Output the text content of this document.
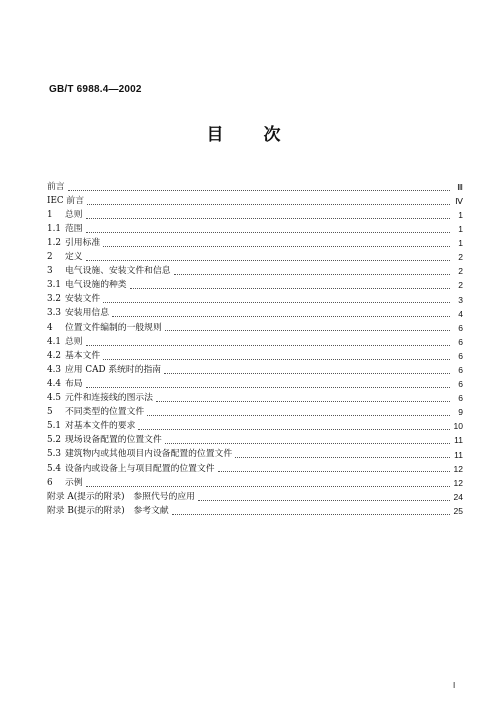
GB/T 6988.4—2002
目 次
前言	Ⅲ
IEC 前言	Ⅳ
1 总则	1
1.1 范围	1
1.2 引用标准	1
2 定义	2
3 电气设施、安装文件和信息	2
3.1 电气设施的种类	2
3.2 安装文件	3
3.3 安装用信息	4
4 位置文件编制的一般规则	6
4.1 总则	6
4.2 基本文件	6
4.3 应用 CAD 系统时的指南	6
4.4 布局	6
4.5 元件和连接线的图示法	6
5 不同类型的位置文件	9
5.1 对基本文件的要求	10
5.2 现场设备配置的位置文件	11
5.3 建筑物内或其他项目内设备配置的位置文件	11
5.4 设备内或设备上与项目配置的位置文件	12
6 示例	12
附录 A(提示的附录)　参照代号的应用	24
附录 B(提示的附录)　参考文献	25
I
